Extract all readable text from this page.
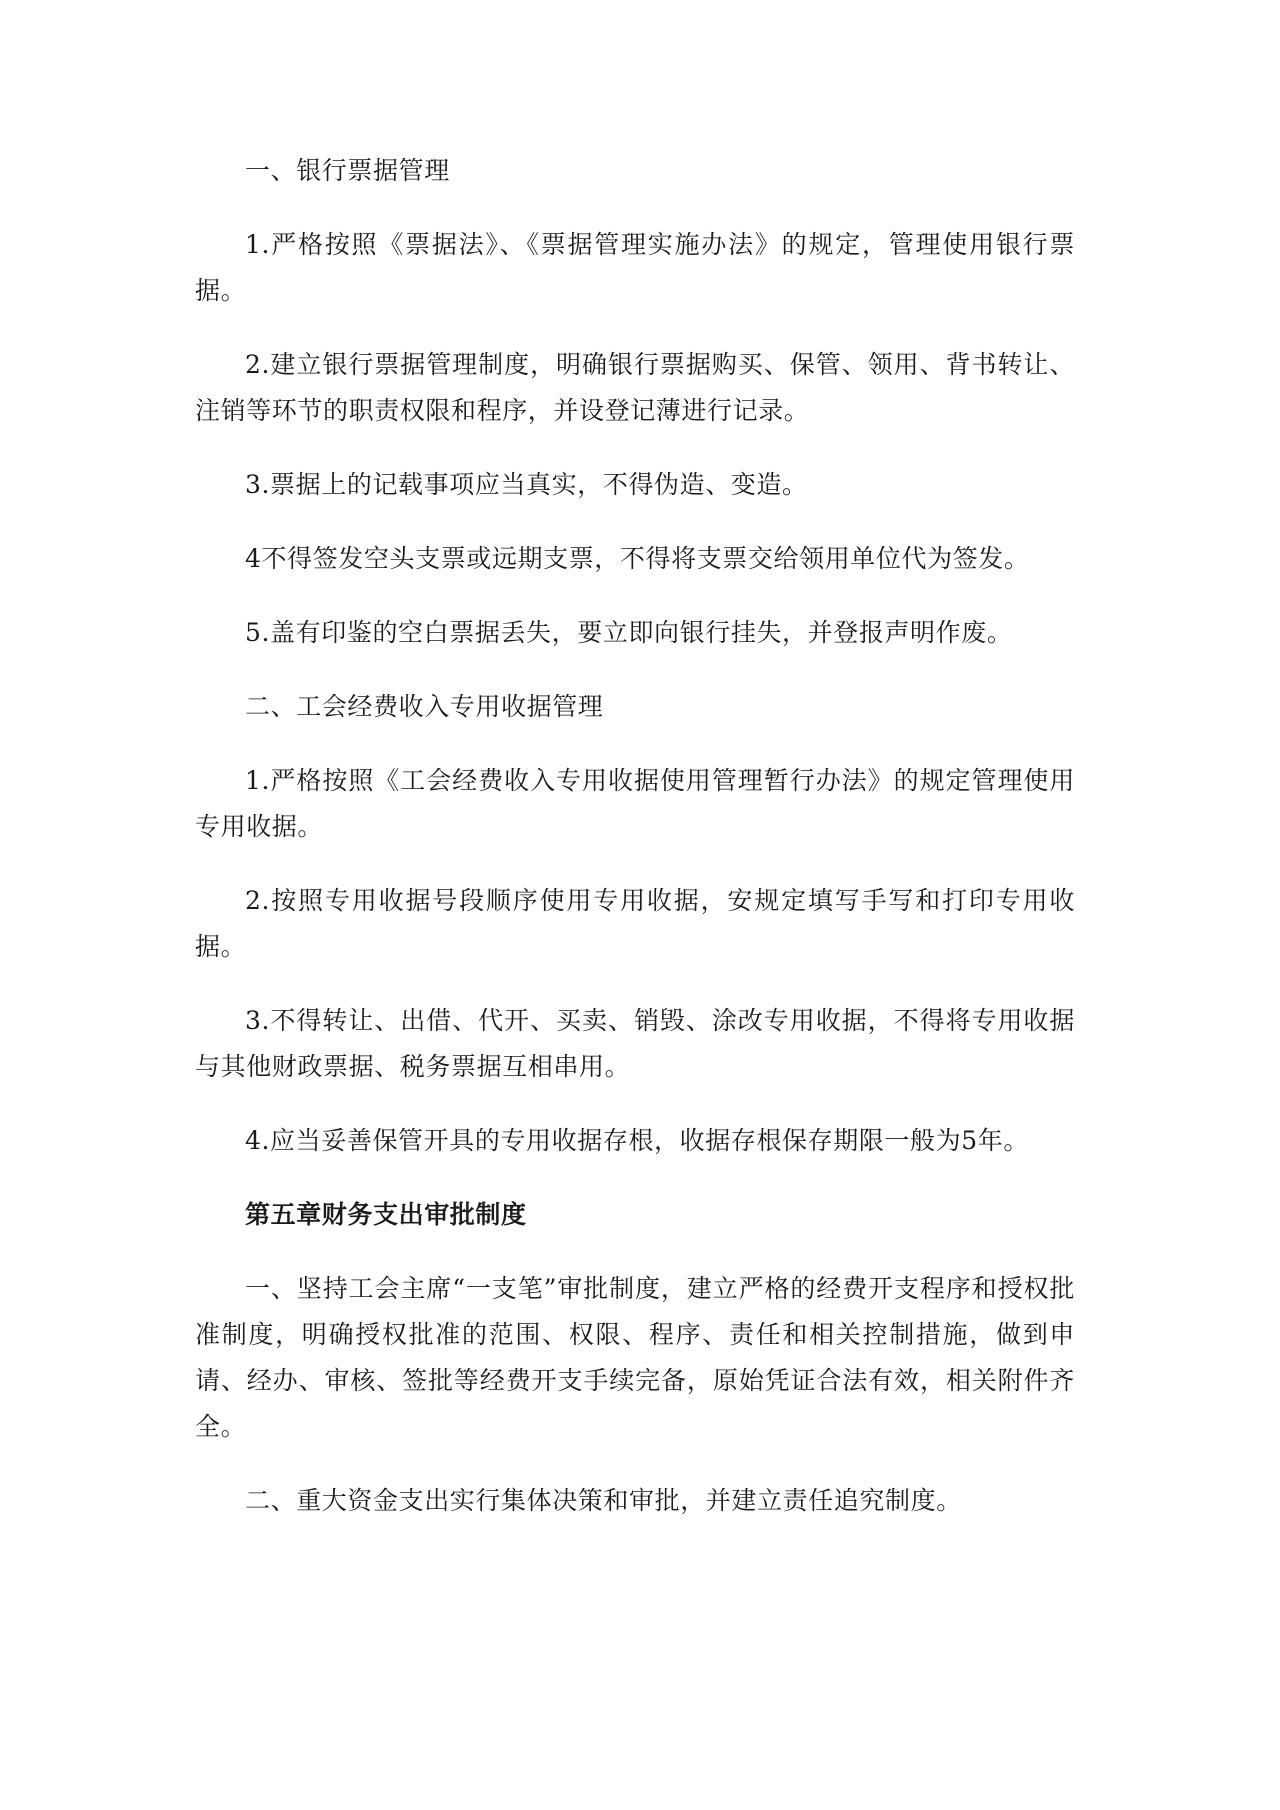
一、银行票据管理

1.严格按照《票据法》、《票据管理实施办法》的规定，管理使用银行票据。

2.建立银行票据管理制度，明确银行票据购买、保管、领用、背书转让、注销等环节的职责权限和程序，并设登记薄进行记录。

3.票据上的记载事项应当真实，不得伪造、变造。

4不得签发空头支票或远期支票，不得将支票交给领用单位代为签发。

5.盖有印鉴的空白票据丢失，要立即向银行挂失，并登报声明作废。

二、工会经费收入专用收据管理

1.严格按照《工会经费收入专用收据使用管理暂行办法》的规定管理使用专用收据。

2.按照专用收据号段顺序使用专用收据，安规定填写手写和打印专用收据。

3.不得转让、出借、代开、买卖、销毁、涂改专用收据，不得将专用收据与其他财政票据、税务票据互相串用。

4.应当妥善保管开具的专用收据存根，收据存根保存期限一般为5年。

第五章财务支出审批制度

一、坚持工会主席“一支笔”审批制度，建立严格的经费开支程序和授权批准制度，明确授权批准的范围、权限、程序、责任和相关控制措施，做到申请、经办、审核、签批等经费开支手续完备，原始凭证合法有效，相关附件齐全。

二、重大资金支出实行集体决策和审批，并建立责任追究制度。
